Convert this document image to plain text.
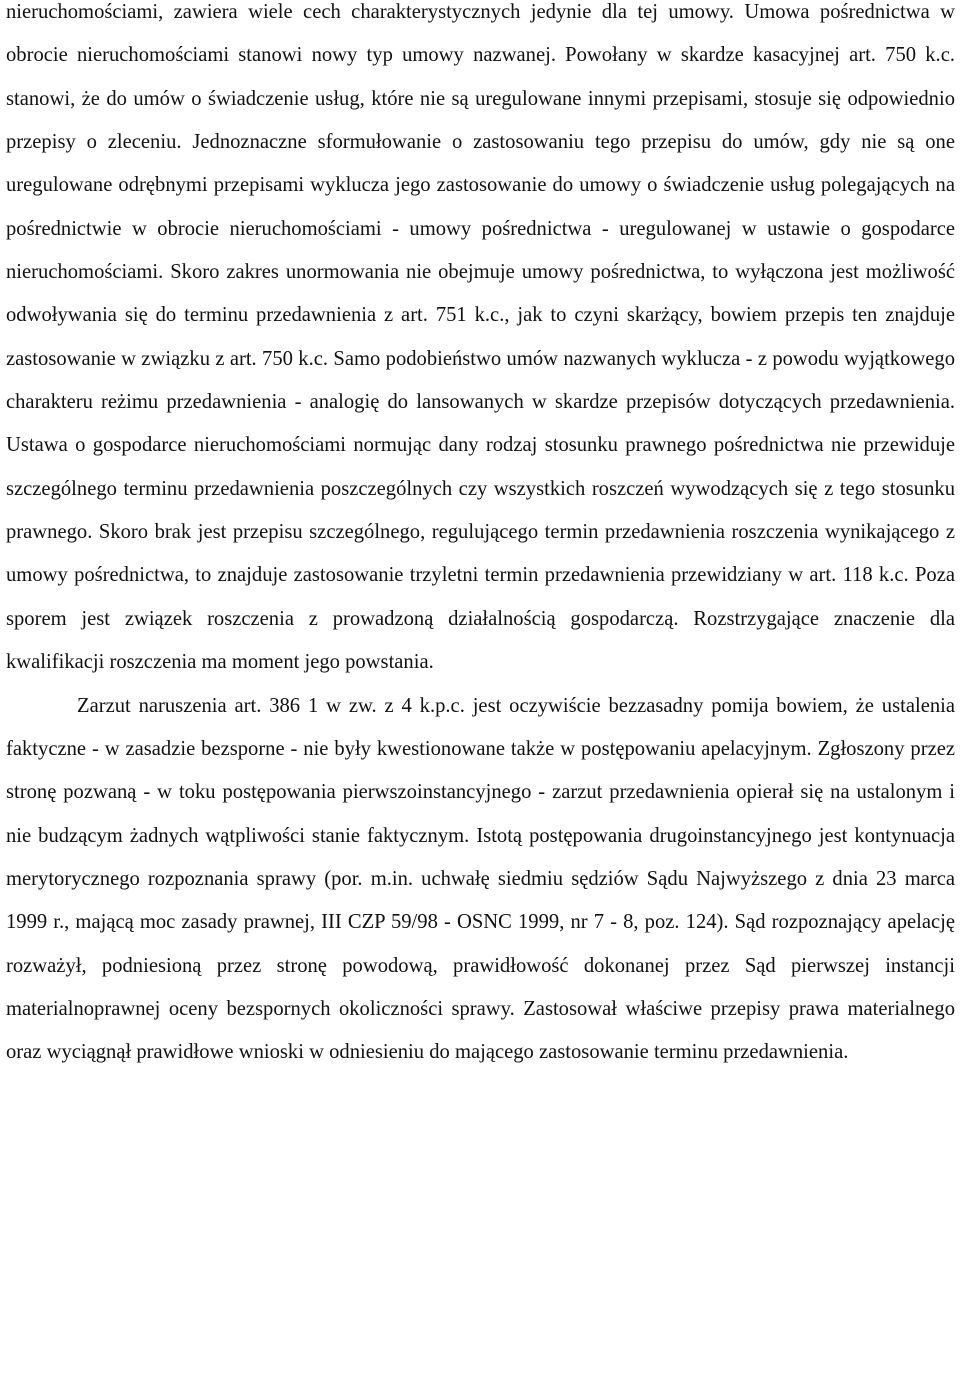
nieruchomościami, zawiera wiele cech charakterystycznych jedynie dla tej umowy. Umowa pośrednictwa w obrocie nieruchomościami stanowi nowy typ umowy nazwanej. Powołany w skardze kasacyjnej art. 750 k.c. stanowi, że do umów o świadczenie usług, które nie są uregulowane innymi przepisami, stosuje się odpowiednio przepisy o zleceniu. Jednoznaczne sformułowanie o zastosowaniu tego przepisu do umów, gdy nie są one uregulowane odrębnymi przepisami wyklucza jego zastosowanie do umowy o świadczenie usług polegających na pośrednictwie w obrocie nieruchomościami - umowy pośrednictwa - uregulowanej w ustawie o gospodarce nieruchomościami. Skoro zakres unormowania nie obejmuje umowy pośrednictwa, to wyłączona jest możliwość odwoływania się do terminu przedawnienia z art. 751 k.c., jak to czyni skarżący, bowiem przepis ten znajduje zastosowanie w związku z art. 750 k.c. Samo podobieństwo umów nazwanych wyklucza - z powodu wyjątkowego charakteru reżimu przedawnienia - analogię do lansowanych w skardze przepisów dotyczących przedawnienia. Ustawa o gospodarce nieruchomościami normując dany rodzaj stosunku prawnego pośrednictwa nie przewiduje szczególnego terminu przedawnienia poszczególnych czy wszystkich roszczeń wywodzących się z tego stosunku prawnego. Skoro brak jest przepisu szczególnego, regulującego termin przedawnienia roszczenia wynikającego z umowy pośrednictwa, to znajduje zastosowanie trzyletni termin przedawnienia przewidziany w art. 118 k.c. Poza sporem jest związek roszczenia z prowadzoną działalnością gospodarczą. Rozstrzygające znaczenie dla kwalifikacji roszczenia ma moment jego powstania.

Zarzut naruszenia art. 386 1 w zw. z 4 k.p.c. jest oczywiście bezzasadny pomija bowiem, że ustalenia faktyczne - w zasadzie bezsporne - nie były kwestionowane także w postępowaniu apelacyjnym. Zgłoszony przez stronę pozwaną - w toku postępowania pierwszoinstancyjnego - zarzut przedawnienia opierał się na ustalonym i nie budzącym żadnych wątpliwości stanie faktycznym. Istotą postępowania drugoinstancyjnego jest kontynuacja merytorycznego rozpoznania sprawy (por. m.in. uchwałę siedmiu sędziów Sądu Najwyższego z dnia 23 marca 1999 r., mającą moc zasady prawnej, III CZP 59/98 - OSNC 1999, nr 7 - 8, poz. 124). Sąd rozpoznający apelację rozważył, podniesioną przez stronę powodową, prawidłowość dokonanej przez Sąd pierwszej instancji materialnoprawnej oceny bezspornych okoliczności sprawy. Zastosował właściwe przepisy prawa materialnego oraz wyciągnął prawidłowe wnioski w odniesieniu do mającego zastosowanie terminu przedawnienia.
